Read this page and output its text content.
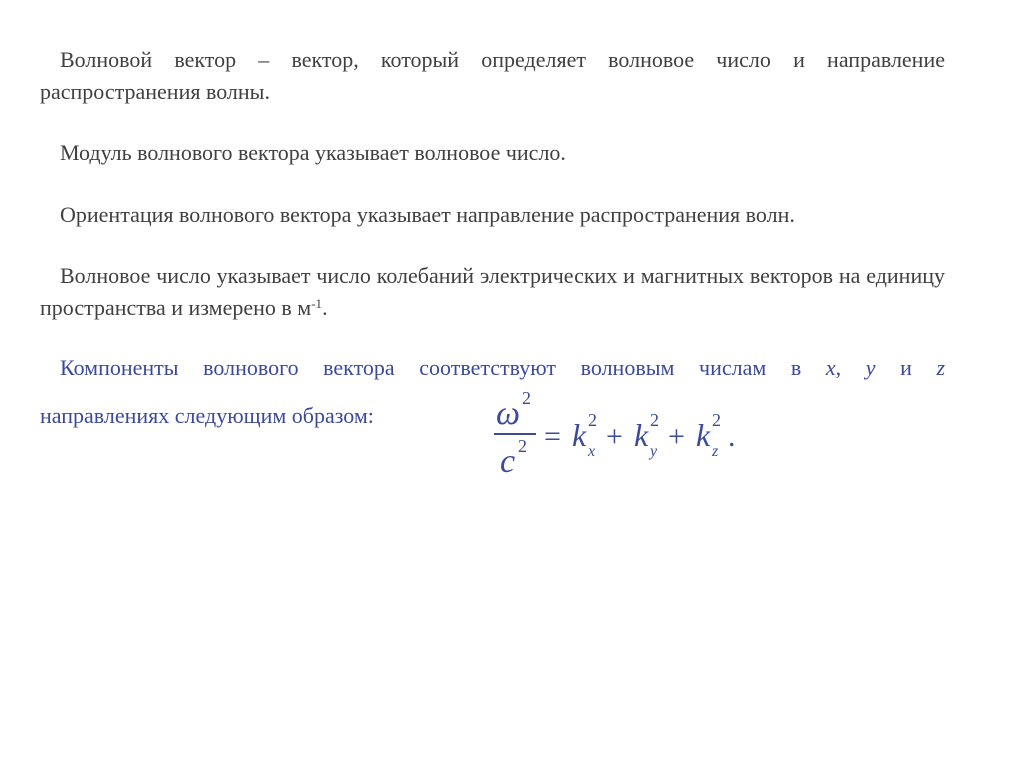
Волновой вектор – вектор, который определяет волновое число и направление распространения волны.

Модуль волнового вектора указывает волновое число.

Ориентация волнового вектора указывает направление распространения волн.

Волновое число указывает число колебаний электрических и магнитных векторов на единицу пространства и измерено в $м^{-1}$.

Компоненты волнового вектора соответствуют волновым числам в x, y и z

направлениях следующим образом:	ω 2
c 2 = k 2
x + k 2
y + k 2
z .
